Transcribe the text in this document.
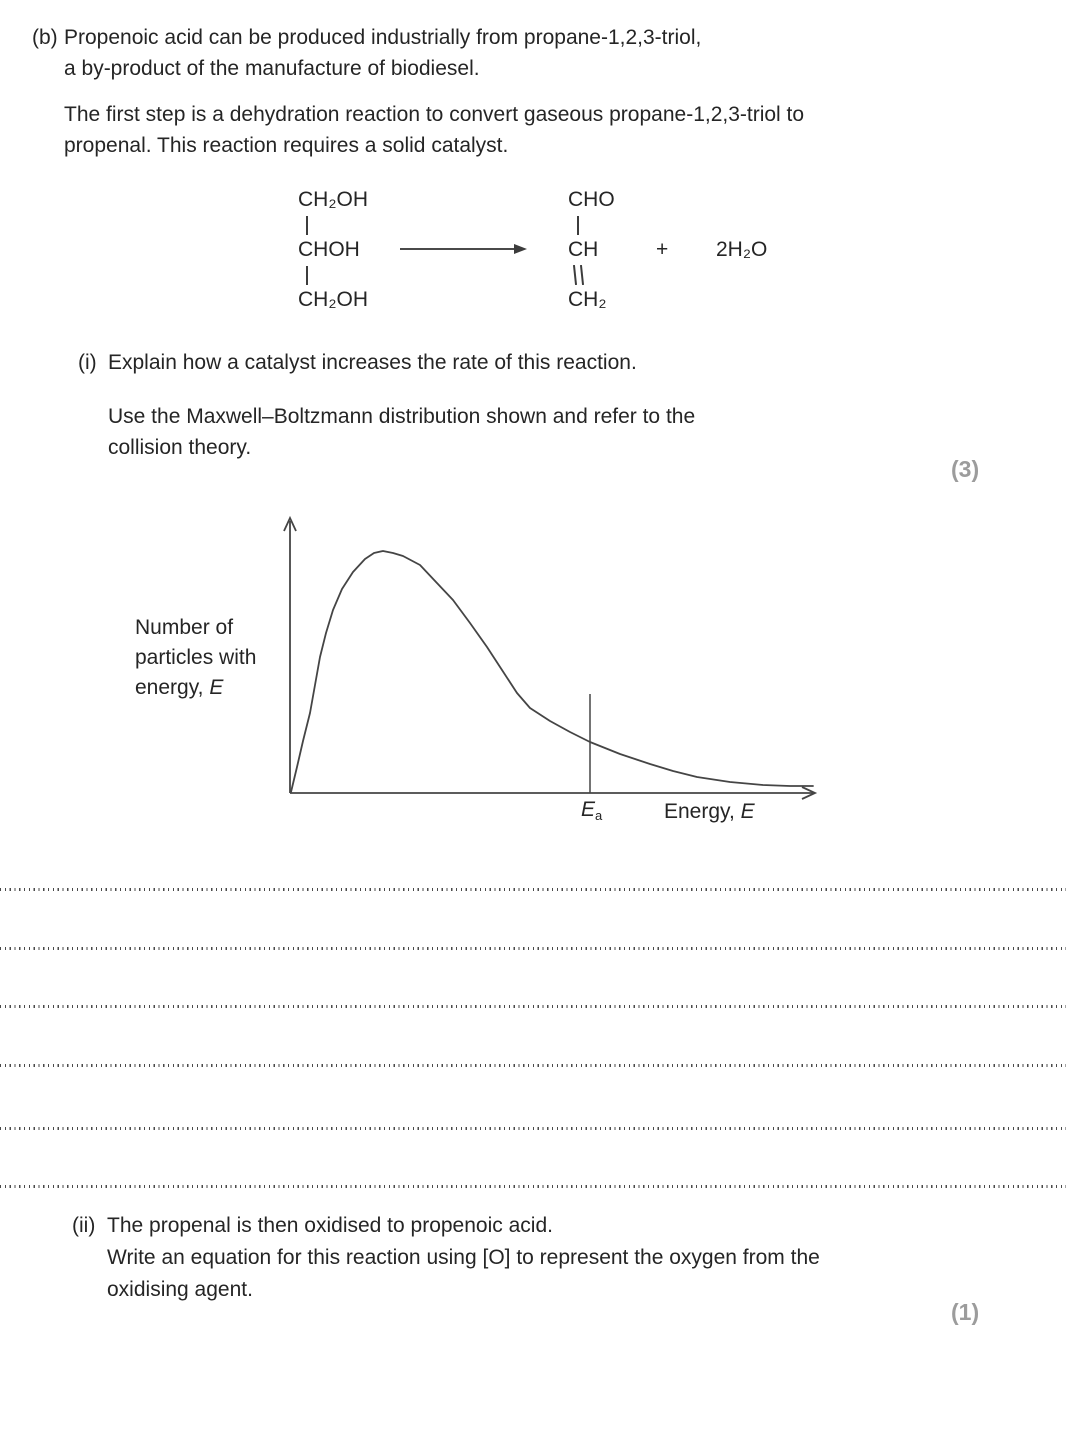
(b) Propenoic acid can be produced industrially from propane-1,2,3-triol,
a by-product of the manufacture of biodiesel.
The first step is a dehydration reaction to convert gaseous propane-1,2,3-triol to
propenal. This reaction requires a solid catalyst.
CH₂OH
CHOH
CH₂OH
CHO
CH
CH₂
+ 2H₂O
(i) Explain how a catalyst increases the rate of this reaction.
Use the Maxwell–Boltzmann distribution shown and refer to the
collision theory.
(3)
Number of
particles with
energy, E
$E_a$	Energy, E
(ii) The propenal is then oxidised to propenoic acid.
Write an equation for this reaction using [O] to represent the oxygen from the
oxidising agent.
(1)
